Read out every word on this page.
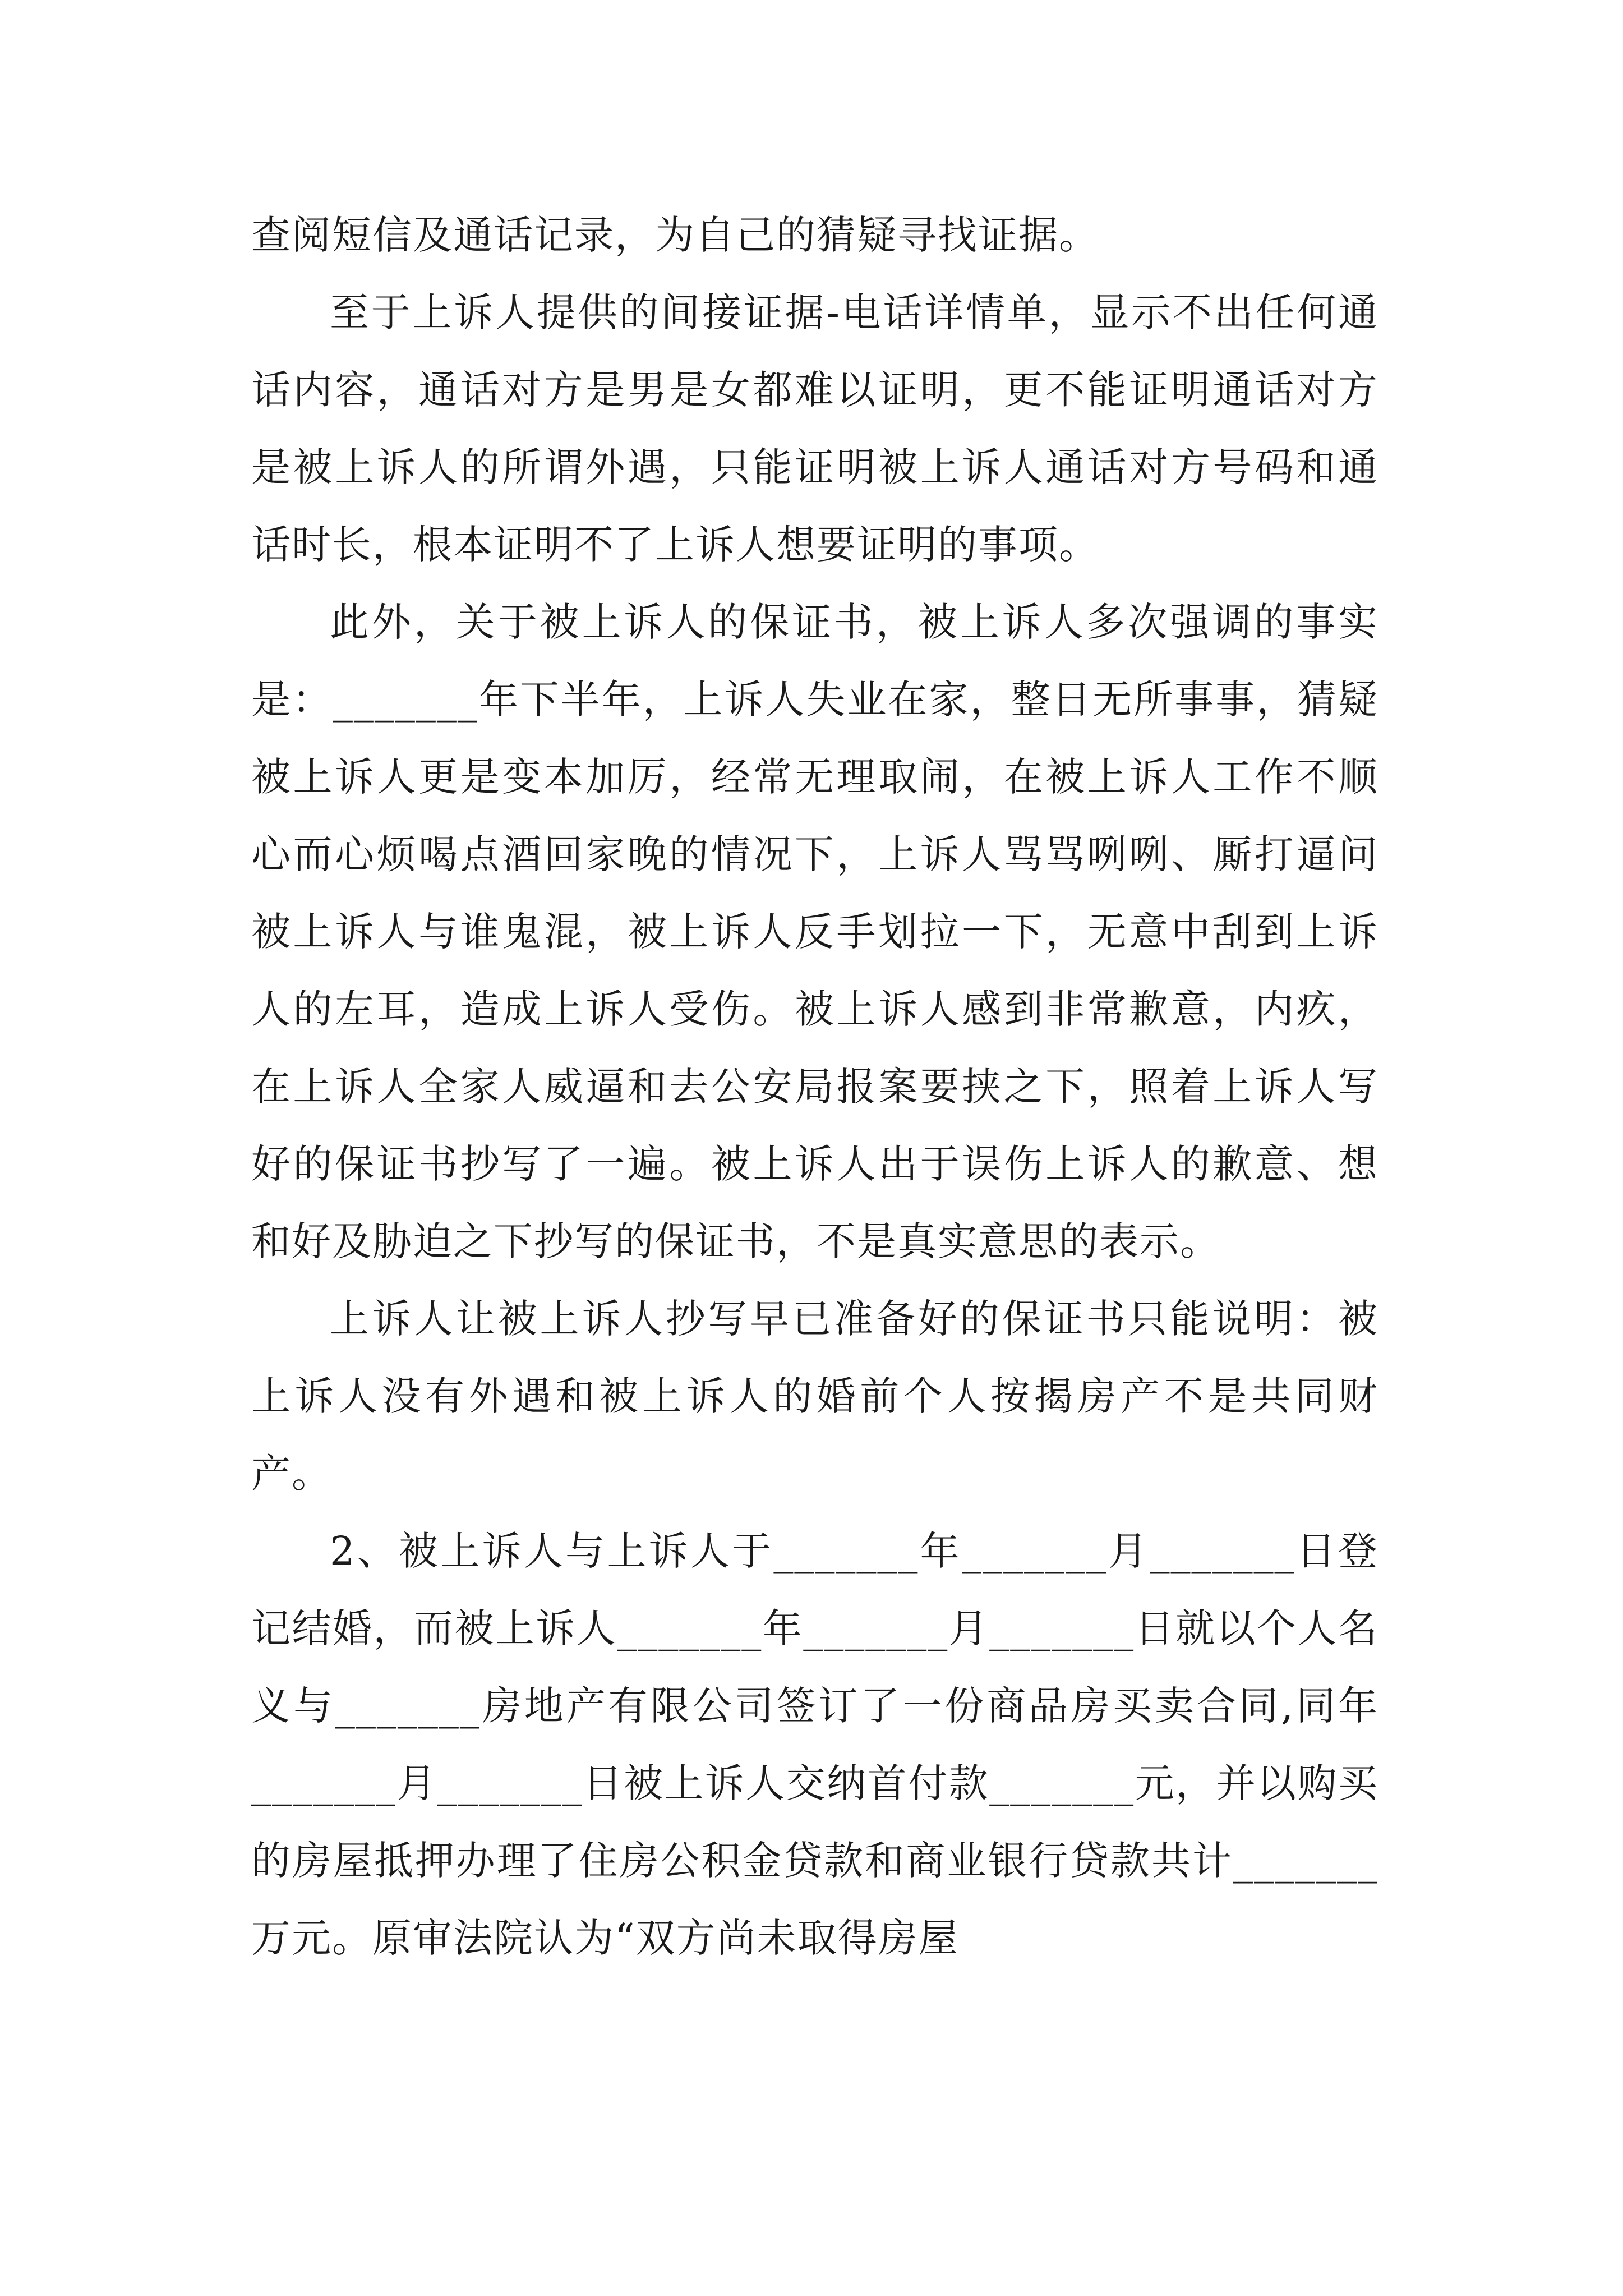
查阅短信及通话记录，为自己的猜疑寻找证据。

至于上诉人提供的间接证据-电话详情单，显示不出任何通话内容，通话对方是男是女都难以证明，更不能证明通话对方是被上诉人的所谓外遇，只能证明被上诉人通话对方号码和通话时长，根本证明不了上诉人想要证明的事项。

此外，关于被上诉人的保证书，被上诉人多次强调的事实是：_______年下半年，上诉人失业在家，整日无所事事，猜疑被上诉人更是变本加厉，经常无理取闹，在被上诉人工作不顺心而心烦喝点酒回家晚的情况下，上诉人骂骂咧咧、厮打逼问被上诉人与谁鬼混，被上诉人反手划拉一下，无意中刮到上诉人的左耳，造成上诉人受伤。被上诉人感到非常歉意，内疚，在上诉人全家人威逼和去公安局报案要挟之下，照着上诉人写好的保证书抄写了一遍。被上诉人出于误伤上诉人的歉意、想和好及胁迫之下抄写的保证书，不是真实意思的表示。

上诉人让被上诉人抄写早已准备好的保证书只能说明：被上诉人没有外遇和被上诉人的婚前个人按揭房产不是共同财产。

2、被上诉人与上诉人于_______年_______月_______日登记结婚，而被上诉人_______年_______月_______日就以个人名义与_______房地产有限公司签订了一份商品房买卖合同,同年_______月_______日被上诉人交纳首付款_______元，并以购买的房屋抵押办理了住房公积金贷款和商业银行贷款共计_______万元。原审法院认为“双方尚未取得房屋
